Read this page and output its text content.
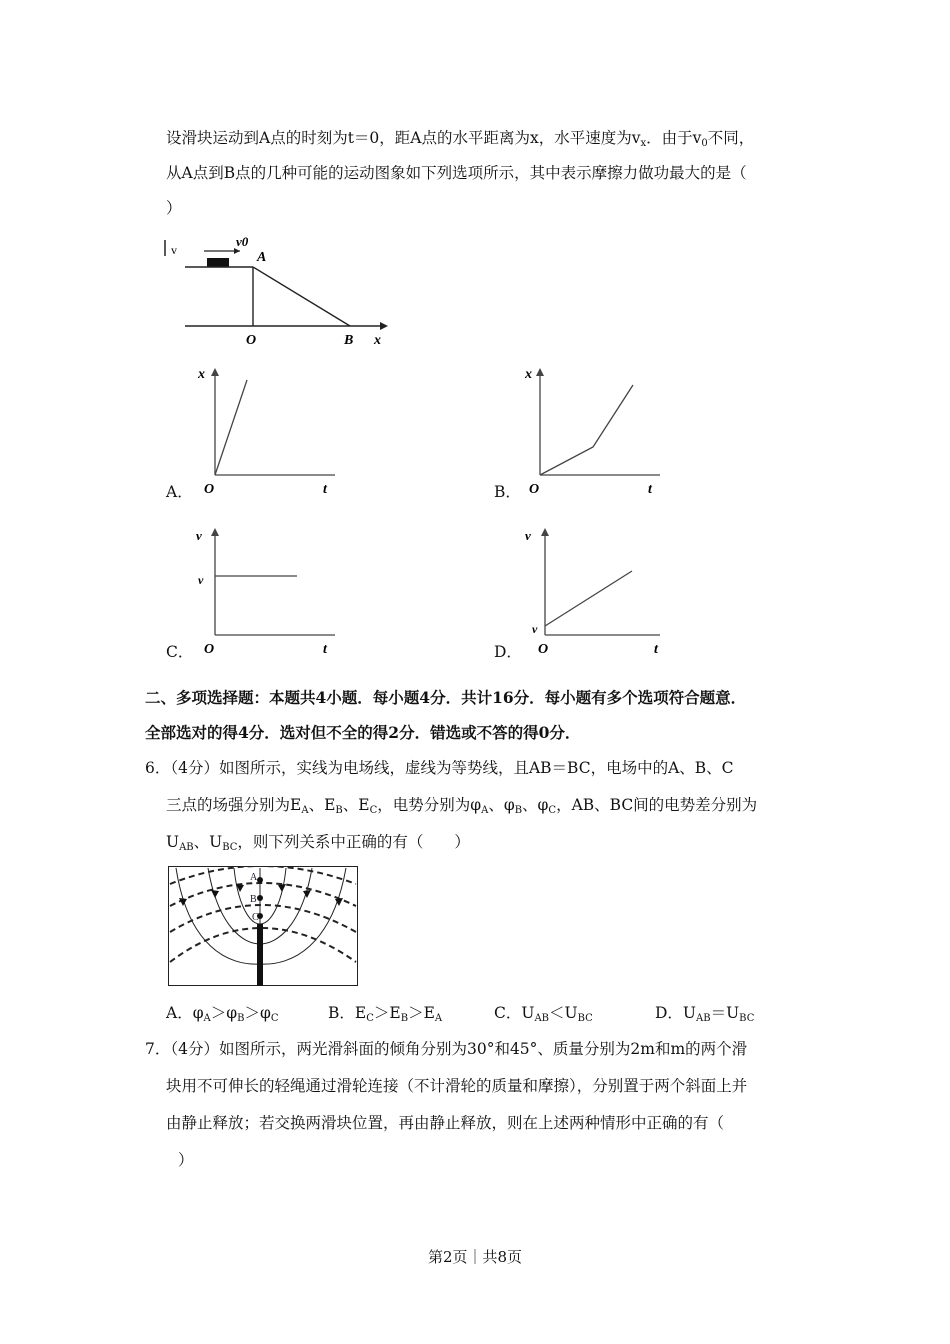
设滑块运动到A点的时刻为t＝0，距A点的水平距离为x，水平速度为$v_x$．由于$v_0$不同，
从A点到B点的几种可能的运动图象如下列选项所示，其中表示摩擦力做功最大的是（
）
v
v0
A
O	B x
A．
x
O	t	B．
x
O	t
C．
v
v
O	t	D．
v
v
O	t
二、多项选择题：本题共4小题．每小题4分．共计16分．每小题有多个选项符合题意．
全部选对的得4分．选对但不全的得2分．错选或不答的得0分．
6．（4分）如图所示，实线为电场线，虚线为等势线，且AB＝BC，电场中的A、B、C
三点的场强分别为$E_A$、$E_B$、$E_C$，电势分别为$\varphi_A$、$\varphi_B$、$\varphi_C$，AB、BC间的电势差分别为
$U_{AB}$、$U_{BC}$，则下列关系中正确的有（　　）
A
B
C
A．$\varphi_A>\varphi_B>\varphi_C$	B．$E_C>E_B>E_A$	C．$U_{AB}<U_{BC}$	D．$U_{AB}=U_{BC}$
7．（4分）如图所示，两光滑斜面的倾角分别为30°和45°、质量分别为2m和m的两个滑
块用不可伸长的轻绳通过滑轮连接（不计滑轮的质量和摩擦），分别置于两个斜面上并
由静止释放；若交换两滑块位置，再由静止释放，则在上述两种情形中正确的有（
）
第2页｜共8页
